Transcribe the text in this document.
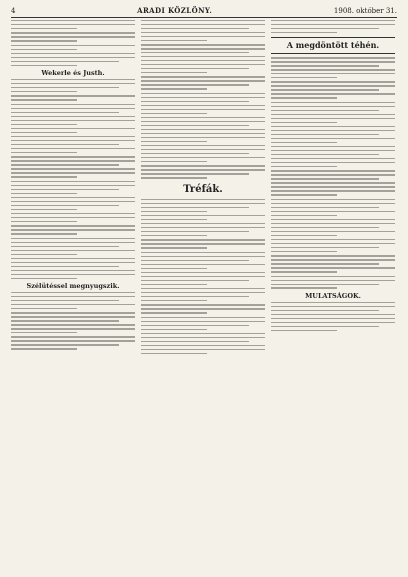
4	ARADI KÖZLÖNY.	1908. október 31.
Wekerle és Justh.
Szélütéssel megnyugszik.
Tréfák.
A megdöntött téhén.
MULATSÁGOK.
